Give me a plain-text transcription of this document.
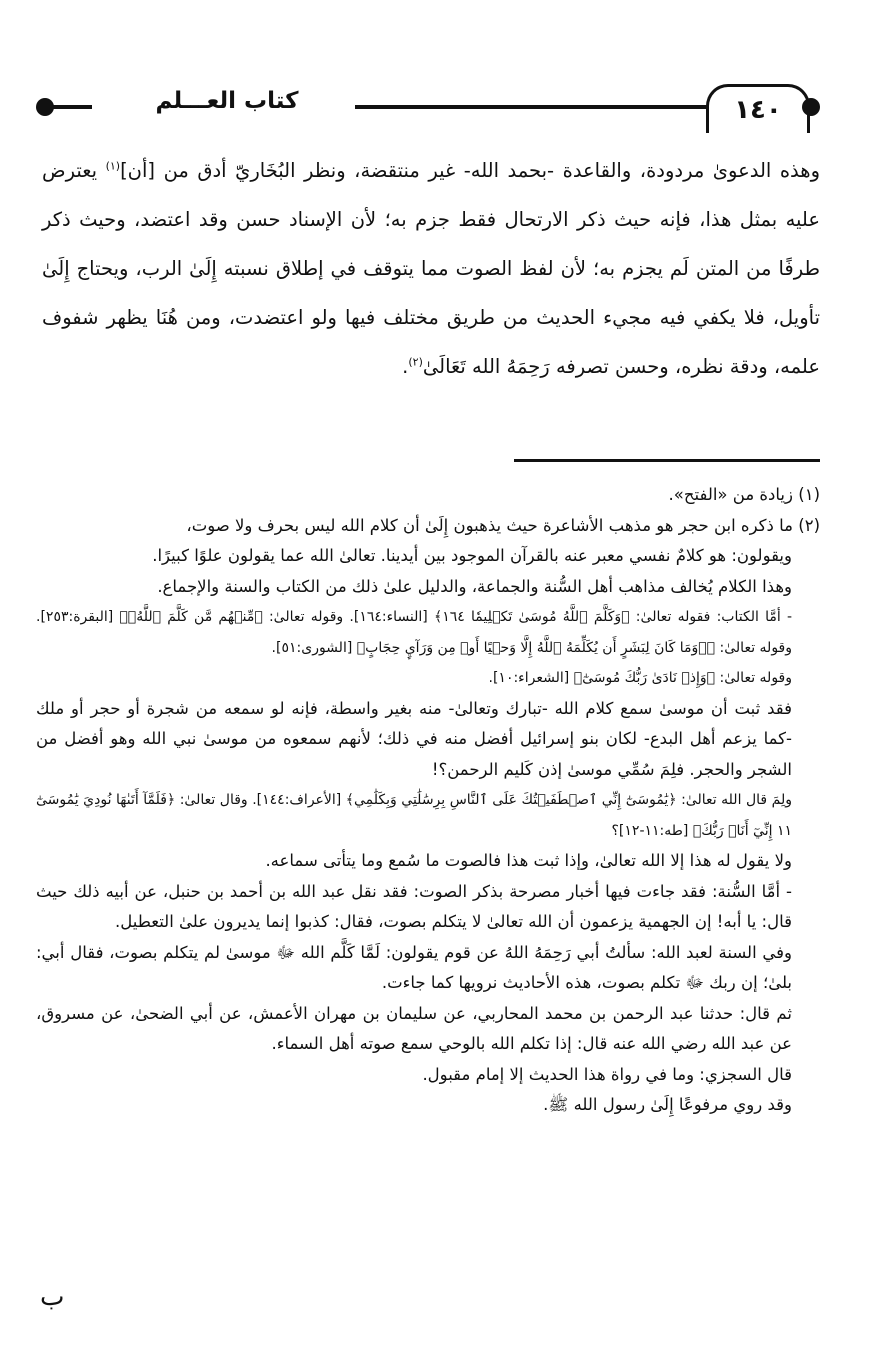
كتاب العـــلم	١٤٠

وهذه الدعوىٰ مردودة، والقاعدة -بحمد الله- غير منتقضة، ونظر البُخَاريّ أدق من [أن]$^{(١)}$ يعترض عليه بمثل هذا، فإنه حيث ذكر الارتحال فقط جزم به؛ لأن الإسناد حسن وقد اعتضد، وحيث ذكر طرفًا من المتن لَم يجزم به؛ لأن لفظ الصوت مما يتوقف في إطلاق نسبته إِلَىٰ الرب، ويحتاج إِلَىٰ تأويل، فلا يكفي فيه مجيء الحديث من طريق مختلف فيها ولو اعتضدت، ومن هُنَا يظهر شفوف علمه، ودقة نظره، وحسن تصرفه رَحِمَهُ الله تَعَالَىٰ$^{(٢)}$.

(١) زيادة من «الفتح».

(٢) ما ذكره ابن حجر هو مذهب الأشاعرة حيث يذهبون إِلَىٰ أن كلام الله ليس بحرف ولا صوت،

ويقولون: هو كلامٌ نفسي معبر عنه بالقرآن الموجود بين أيدينا. تعالىٰ الله عما يقولون علوًا كبيرًا.

وهذا الكلام يُخالف مذاهب أهل السُّنة والجماعة، والدليل علىٰ ذلك من الكتاب والسنة والإجماع.

- أمَّا الكتاب: فقوله تعالىٰ: ﴿وَكَلَّمَ ٱللَّهُ مُوسَىٰ تَكۡلِيمٗا ١٦٤﴾ [النساء:١٦٤]. وقوله تعالىٰ: ﴿مِّنۡهُم مَّن كَلَّمَ ٱللَّهُۖ﴾ [البقرة:٢٥٣]. وقوله تعالىٰ: ﴿۞وَمَا كَانَ لِبَشَرٍ أَن يُكَلِّمَهُ ٱللَّهُ إِلَّا وَحۡيًا أَوۡ مِن وَرَآيِٕ حِجَابٍ﴾ [الشورى:٥١].

وقوله تعالىٰ: ﴿وَإِذۡ نَادَىٰ رَبُّكَ مُوسَىٰٓ﴾ [الشعراء:١٠].

فقد ثبت أن موسىٰ سمع كلام الله -تبارك وتعالىٰ- منه بغير واسطة، فإنه لو سمعه من شجرة أو حجر أو ملك -كما يزعم أهل البدع- لكان بنو إسرائيل أفضل منه في ذلك؛ لأنهم سمعوه من موسىٰ نبي الله وهو أفضل من الشجر والحجر. فلِمَ سُمِّي موسىٰ إذن كَليم الرحمن؟!

ولِمَ قال الله تعالىٰ: ﴿يَٰمُوسَىٰٓ إِنِّي ٱصۡطَفَيۡتُكَ عَلَى ٱلنَّاسِ بِرِسَٰلَٰتِي وَبِكَلَٰمِي﴾ [الأعراف:١٤٤]. وقال تعالىٰ: ﴿فَلَمَّآ أَتَىٰهَا نُودِيَ يَٰمُوسَىٰٓ ١١ إِنِّيٓ أَنَا۠ رَبُّكَ﴾ [طه:١١-١٢]؟

ولا يقول له هذا إلا الله تعالىٰ، وإذا ثبت هذا فالصوت ما سُمع وما يتأتى سماعه.

- أمَّا السُّنة: فقد جاءت فيها أخبار مصرحة بذكر الصوت: فقد نقل عبد الله بن أحمد بن حنبل، عن أبيه ذلك حيث قال: يا أبه! إن الجهمية يزعمون أن الله تعالىٰ لا يتكلم بصوت، فقال: كذبوا إنما يديرون علىٰ التعطيل.

وفي السنة لعبد الله: سألتُ أبي رَحِمَهُ اللهُ عن قوم يقولون: لَمَّا كَلَّم الله ﷻ موسىٰ لم يتكلم بصوت، فقال أبي: بلىٰ؛ إن ربك ﷻ تكلم بصوت، هذه الأحاديث نرويها كما جاءت.

ثم قال: حدثنا عبد الرحمن بن محمد المحاربي، عن سليمان بن مهران الأعمش، عن أبي الضحىٰ، عن مسروق، عن عبد الله رضي الله عنه قال: إذا تكلم الله بالوحي سمع صوته أهل السماء.

قال السجزي: وما في رواة هذا الحديث إلا إمام مقبول.

وقد روي مرفوعًا إِلَىٰ رسول الله ﷺ.

ب
